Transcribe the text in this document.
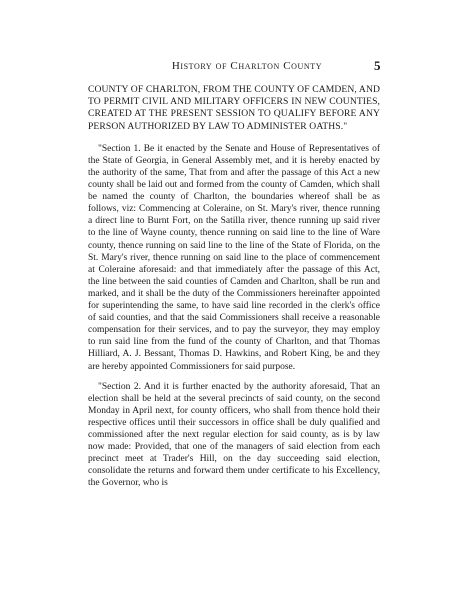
History of Charlton County	5

COUNTY OF CHARLTON, FROM THE COUNTY OF CAMDEN, AND TO PERMIT CIVIL AND MILITARY OFFICERS IN NEW COUNTIES, CREATED AT THE PRESENT SESSION TO QUALIFY BEFORE ANY PERSON AUTHORIZED BY LAW TO ADMINISTER OATHS."

"Section 1. Be it enacted by the Senate and House of Representatives of the State of Georgia, in General Assembly met, and it is hereby enacted by the authority of the same, That from and after the passage of this Act a new county shall be laid out and formed from the county of Camden, which shall be named the county of Charlton, the boundaries whereof shall be as follows, viz: Commencing at Coleraine, on St. Mary's river, thence running a direct line to Burnt Fort, on the Satilla river, thence running up said river to the line of Wayne county, thence running on said line to the line of Ware county, thence running on said line to the line of the State of Florida, on the St. Mary's river, thence running on said line to the place of commencement at Coleraine aforesaid: and that immediately after the passage of this Act, the line between the said counties of Camden and Charlton, shall be run and marked, and it shall be the duty of the Commissioners hereinafter appointed for superintending the same, to have said line recorded in the clerk's office of said counties, and that the said Commissioners shall receive a reasonable compensation for their services, and to pay the surveyor, they may employ to run said line from the fund of the county of Charlton, and that Thomas Hilliard, A. J. Bessant, Thomas D. Hawkins, and Robert King, be and they are hereby appointed Commissioners for said purpose.

"Section 2. And it is further enacted by the authority aforesaid, That an election shall be held at the several precincts of said county, on the second Monday in April next, for county officers, who shall from thence hold their respective offices until their successors in office shall be duly qualified and commissioned after the next regular election for said county, as is by law now made: Provided, that one of the managers of said election from each precinct meet at Trader's Hill, on the day succeeding said election, consolidate the returns and forward them under certificate to his Excellency, the Governor, who is
